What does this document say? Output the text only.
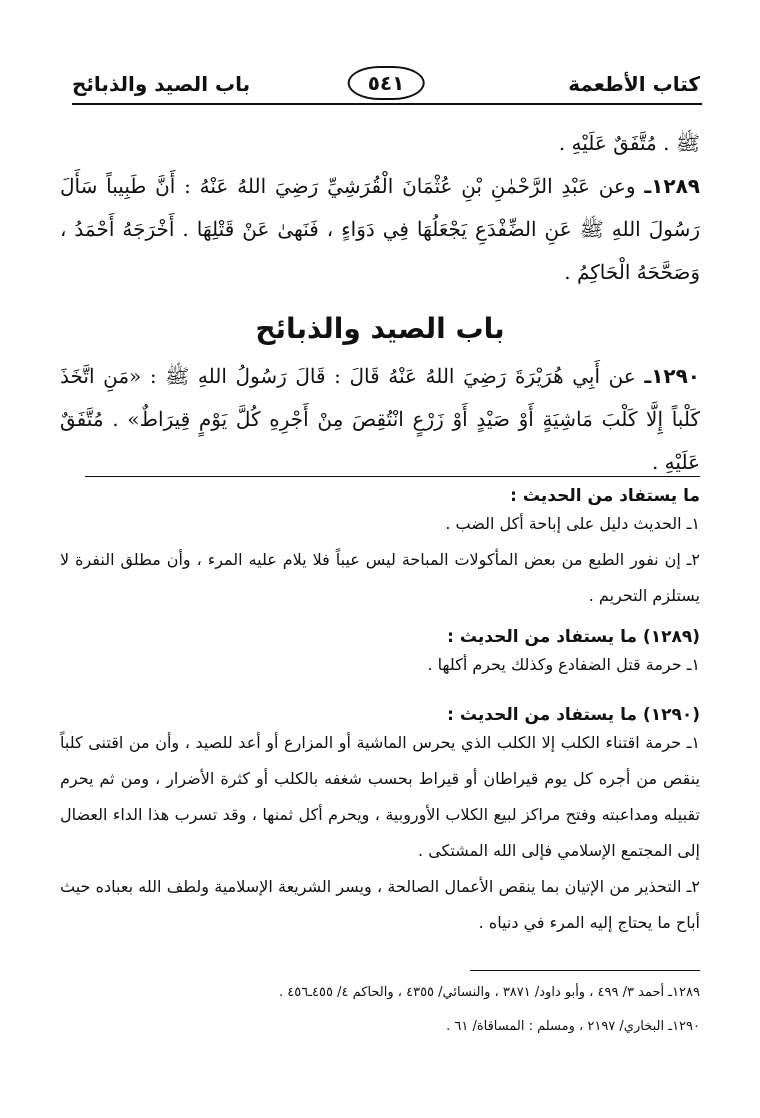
كتاب الأطعمة
٥٤١
باب الصيد والذبائح
ﷺ . مُتَّفَقٌ عَلَيْهِ .
١٢٨٩ـ وعن عَبْدِ الرَّحْمٰنِ بْنِ عُثْمَانَ الْقُرَشِيِّ رَضِيَ اللهُ عَنْهُ : أَنَّ طَبِيباً سَأَلَ رَسُولَ اللهِ ﷺ عَنِ الضِّفْدَعِ يَجْعَلُهَا فِي دَوَاءٍ ، فَنَهىٰ عَنْ قَتْلِهَا . أَخْرَجَهُ أَحْمَدُ ، وَصَحَّحَهُ الْحَاكِمُ .
باب الصيد والذبائح
١٢٩٠ـ عن أَبِي هُرَيْرَةَ رَضِيَ اللهُ عَنْهُ قَالَ : قَالَ رَسُولُ اللهِ ﷺ : «مَنِ اتَّخَذَ كَلْباً إِلَّا كَلْبَ مَاشِيَةٍ أَوْ صَيْدٍ أَوْ زَرْعٍ انْتُقِصَ مِنْ أَجْرِهِ كُلَّ يَوْمٍ قِيرَاطٌ» . مُتَّفَقٌ عَلَيْهِ .

ما يستفاد من الحديث :

١ـ الحديث دليل على إباحة أكل الضب .

٢ـ إن نفور الطبع من بعض المأكولات المباحة ليس عيباً فلا يلام عليه المرء ، وأن مطلق النفرة لا يستلزم التحريم .

(١٢٨٩) ما يستفاد من الحديث :

١ـ حرمة قتل الضفادع وكذلك يحرم أكلها .

(١٢٩٠) ما يستفاد من الحديث :

١ـ حرمة اقتناء الكلب إلا الكلب الذي يحرس الماشية أو المزارع أو أعد للصيد ، وأن من اقتنى كلباً ينقص من أجره كل يوم قيراطان أو قيراط بحسب شغفه بالكلب أو كثرة الأضرار ، ومن ثم يحرم تقبيله ومداعبته وفتح مراكز لبيع الكلاب الأوروبية ، ويحرم أكل ثمنها ، وقد تسرب هذا الداء العضال إلى المجتمع الإسلامي فإلى الله المشتكى .

٢ـ التحذير من الإتيان بما ينقص الأعمال الصالحة ، ويسر الشريعة الإسلامية ولطف الله بعباده حيث أباح ما يحتاج إليه المرء في دنياه .

١٢٨٩ـ أحمد ٣/ ٤٩٩ ، وأبو داود/ ٣٨٧١ ، والنسائي/ ٤٣٥٥ ، والحاكم ٤/ ٤٥٥ـ٤٥٦ .

١٢٩٠ـ البخاري/ ٢١٩٧ ، ومسلم : المساقاة/ ٦١ .
